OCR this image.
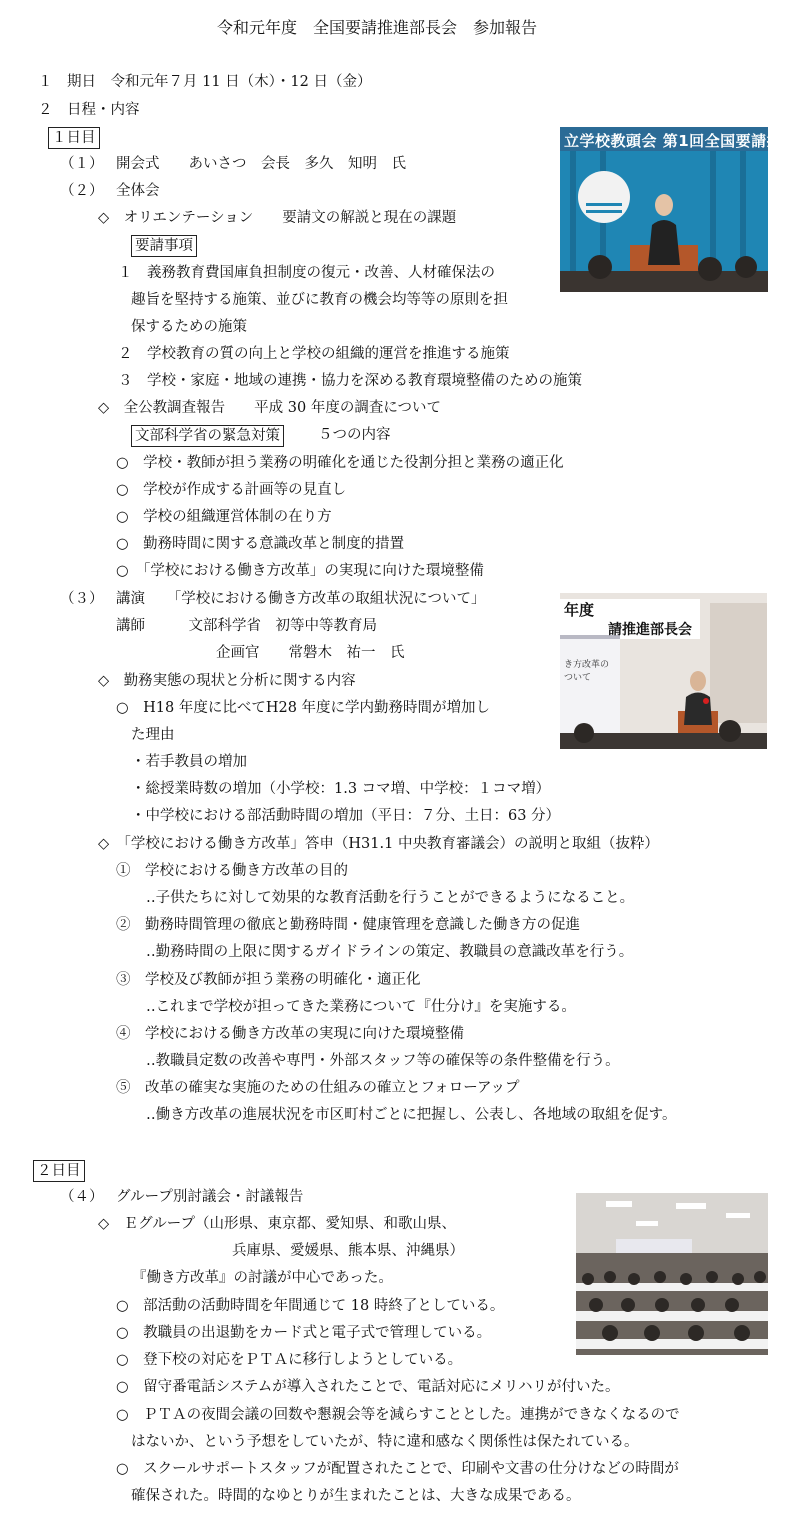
令和元年度　全国要請推進部長会　参加報告
１　期日　令和元年７月 11 日（木）・12 日（金）
２　日程・内容
１日目
（１） 開会式　　あいさつ　会長　多久　知明　氏
（２） 全体会
◇　オリエンテーション　　要請文の解説と現在の課題
要請事項
１　義務教育費国庫負担制度の復元・改善、人材確保法の
趣旨を堅持する施策、並びに教育の機会均等等の原則を担
保するための施策
２　学校教育の質の向上と学校の組織的運営を推進する施策
３　学校・家庭・地域の連携・協力を深める教育環境整備のための施策
◇　全公教調査報告　　平成 30 年度の調査について
文部科学省の緊急対策	５つの内容
○　学校・教師が担う業務の明確化を通じた役割分担と業務の適正化
○　学校が作成する計画等の見直し
○　学校の組織運営体制の在り方
○　勤務時間に関する意識改革と制度的措置
○　「学校における働き方改革」の実現に向けた環境整備
（３） 講演　　「学校における働き方改革の取組状況について」
講師　　　文部科学省　初等中等教育局
企画官　　常磐木　祐一　氏
◇　勤務実態の現状と分析に関する内容
○　H18 年度に比べてH28 年度に学内勤務時間が増加し
た理由
・若手教員の増加
・総授業時数の増加（小学校：1.3 コマ増、中学校：１コマ増）
・中学校における部活動時間の増加（平日：７分、土日：63 分）
◇　「学校における働き方改革」答申（H31.1 中央教育審議会）の説明と取組（抜粋）
①　学校における働き方改革の目的
‥子供たちに対して効果的な教育活動を行うことができるようになること。
②　勤務時間管理の徹底と勤務時間・健康管理を意識した働き方の促進
‥勤務時間の上限に関するガイドラインの策定、教職員の意識改革を行う。
③　学校及び教師が担う業務の明確化・適正化
‥これまで学校が担ってきた業務について『仕分け』を実施する。
④　学校における働き方改革の実現に向けた環境整備
‥教職員定数の改善や専門・外部スタッフ等の確保等の条件整備を行う。
⑤　改革の確実な実施のための仕組みの確立とフォローアップ
‥働き方改革の進展状況を市区町村ごとに把握し、公表し、各地域の取組を促す。
２日目
（４） グループ別討議会・討議報告
◇　Ｅグループ（山形県、東京都、愛知県、和歌山県、
兵庫県、愛媛県、熊本県、沖縄県）
『働き方改革』の討議が中心であった。
○　部活動の活動時間を年間通じて 18 時終了としている。
○　教職員の出退勤をカード式と電子式で管理している。
○　登下校の対応をＰＴＡに移行しようとしている。
○　留守番電話システムが導入されたことで、電話対応にメリハリが付いた。
○　ＰＴＡの夜間会議の回数や懇親会等を減らすこととした。連携ができなくなるので
はないか、という予想をしていたが、特に違和感なく関係性は保たれている。
○　スクールサポートスタッフが配置されたことで、印刷や文書の仕分けなどの時間が
確保された。時間的なゆとりが生まれたことは、大きな成果である。
立学校教頭会 第1回全国要請推進
年度
請推進部長会
き方改革の
ついて
